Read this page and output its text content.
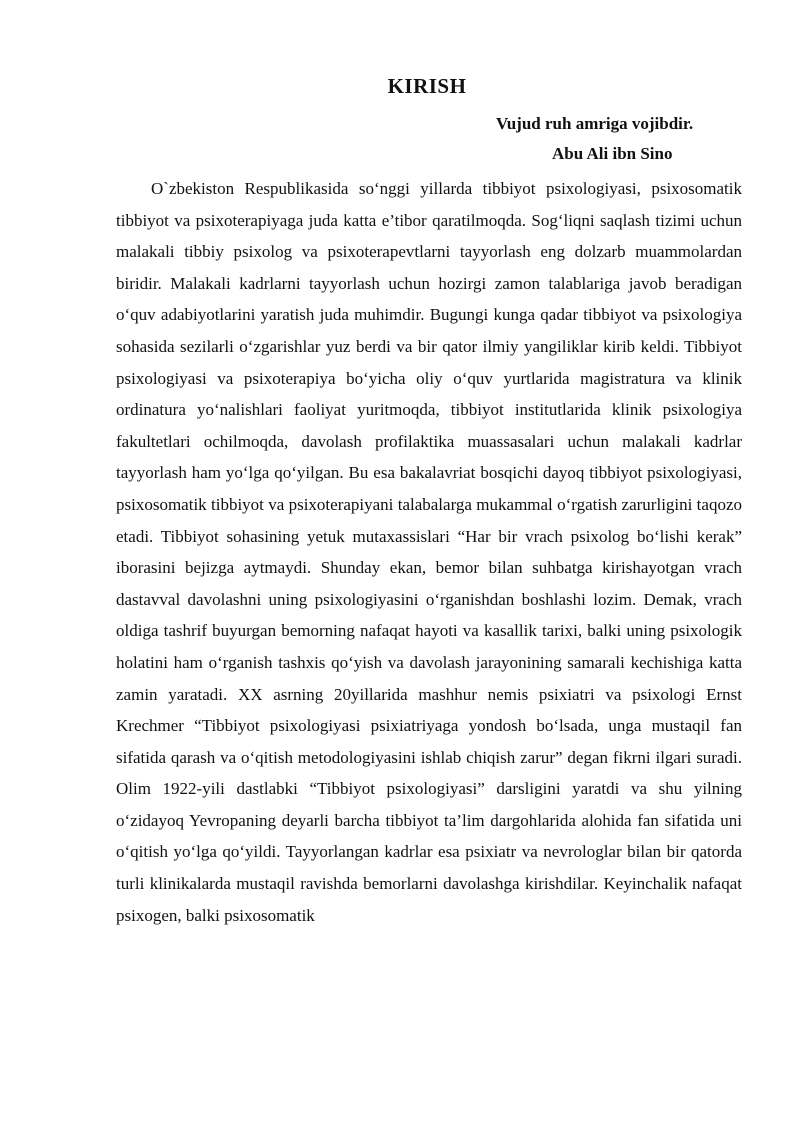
KIRISH
Vujud ruh amriga vojibdir.
Abu Ali ibn Sino

O`zbekiston Respublikasida so‘nggi yillarda tibbiyot psixologiyasi, psixosomatik tibbiyot va psixoterapiyaga juda katta e’tibor qaratilmoqda. Sog‘liqni saqlash tizimi uchun malakali tibbiy psixolog va psixoterapevtlarni tayyorlash eng dolzarb muammolardan biridir. Malakali kadrlarni tayyorlash uchun hozirgi zamon talablariga javob beradigan o‘quv adabiyotlarini yaratish juda muhimdir. Bugungi kunga qadar tibbiyot va psixologiya sohasida sezilarli o‘zgarishlar yuz berdi va bir qator ilmiy yangiliklar kirib keldi. Tibbiyot psixologiyasi va psixoterapiya bo‘yicha oliy o‘quv yurtlarida magistratura va klinik ordinatura yo‘nalishlari faoliyat yuritmoqda, tibbiyot institutlarida klinik psixologiya fakultetlari ochilmoqda, davolash profilaktika muassasalari uchun malakali kadrlar tayyorlash ham yo‘lga qo‘yilgan. Bu esa bakalavriat bosqichi dayoq tibbiyot psixologiyasi, psixosomatik tibbiyot va psixoterapiyani talabalarga mukammal o‘rgatish zarurligini taqozo etadi. Tibbiyot sohasining yetuk mutaxassislari “Har bir vrach psixolog bo‘lishi kerak” iborasini bejizga aytmaydi. Shunday ekan, bemor bilan suhbatga kirishayotgan vrach dastavval davolashni uning psixologiyasini o‘rganishdan boshlashi lozim. Demak, vrach oldiga tashrif buyurgan bemorning nafaqat hayoti va kasallik tarixi, balki uning psixologik holatini ham o‘rganish tashxis qo‘yish va davolash jarayonining samarali kechishiga katta zamin yaratadi. XX asrning 20yillarida mashhur nemis psixiatri va psixologi Ernst Krechmer “Tibbiyot psixologiyasi psixiatriyaga yondosh bo‘lsada, unga mustaqil fan sifatida qarash va o‘qitish metodologiyasini ishlab chiqish zarur” degan fikrni ilgari suradi. Olim 1922-yili dastlabki “Tibbiyot psixologiyasi” darsligini yaratdi va shu yilning o‘zidayoq Yevropaning deyarli barcha tibbiyot ta’lim dargohlarida alohida fan sifatida uni o‘qitish yo‘lga qo‘yildi. Tayyorlangan kadrlar esa psixiatr va nevrologlar bilan bir qatorda turli klinikalarda mustaqil ravishda bemorlarni davolashga kirishdilar. Keyinchalik nafaqat psixogen, balki psixosomatik
